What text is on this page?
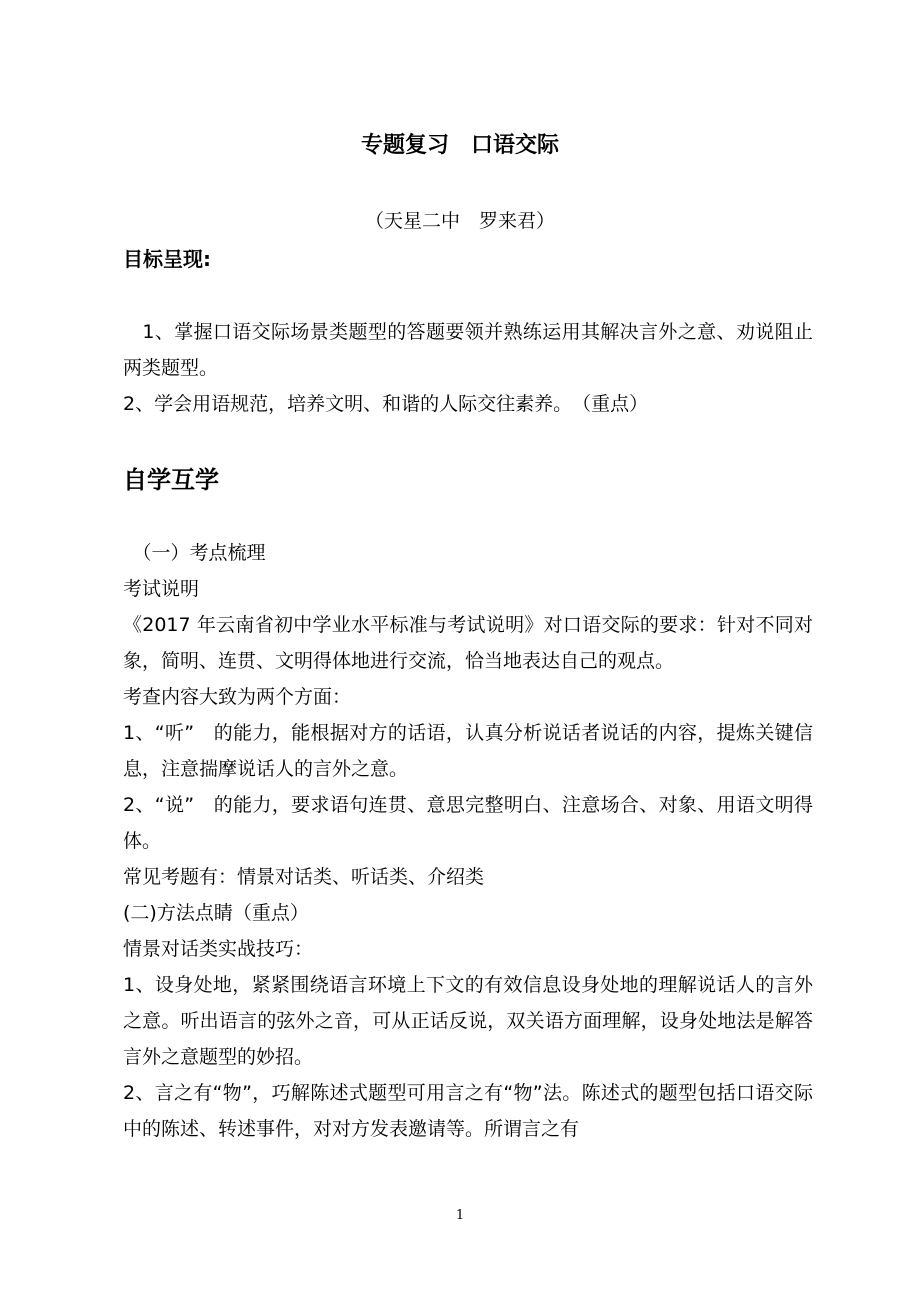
专题复习　口语交际
（天星二中　罗来君）
目标呈现:

　1、掌握口语交际场景类题型的答题要领并熟练运用其解决言外之意、劝说阻止两类题型。

2、学会用语规范，培养文明、和谐的人际交往素养。　（重点）

自学互学

　（一）考点梳理

考试说明

《2017 年云南省初中学业水平标准与考试说明》对口语交际的要求：针对不同对象，简明、连贯、文明得体地进行交流，恰当地表达自己的观点。

考查内容大致为两个方面：

1、“听”　的能力，能根据对方的话语，认真分析说话者说话的内容，提炼关键信息，注意揣摩说话人的言外之意。

2、“说”　的能力，要求语句连贯、意思完整明白、注意场合、对象、用语文明得体。

常见考题有：情景对话类、听话类、介绍类

(二)方法点睛（重点）

情景对话类实战技巧：

1、设身处地，紧紧围绕语言环境上下文的有效信息设身处地的理解说话人的言外之意。听出语言的弦外之音，可从正话反说，双关语方面理解，设身处地法是解答言外之意题型的妙招。

2、言之有“物”，巧解陈述式题型可用言之有“物”法。陈述式的题型包括口语交际中的陈述、转述事件，对对方发表邀请等。所谓言之有

1
